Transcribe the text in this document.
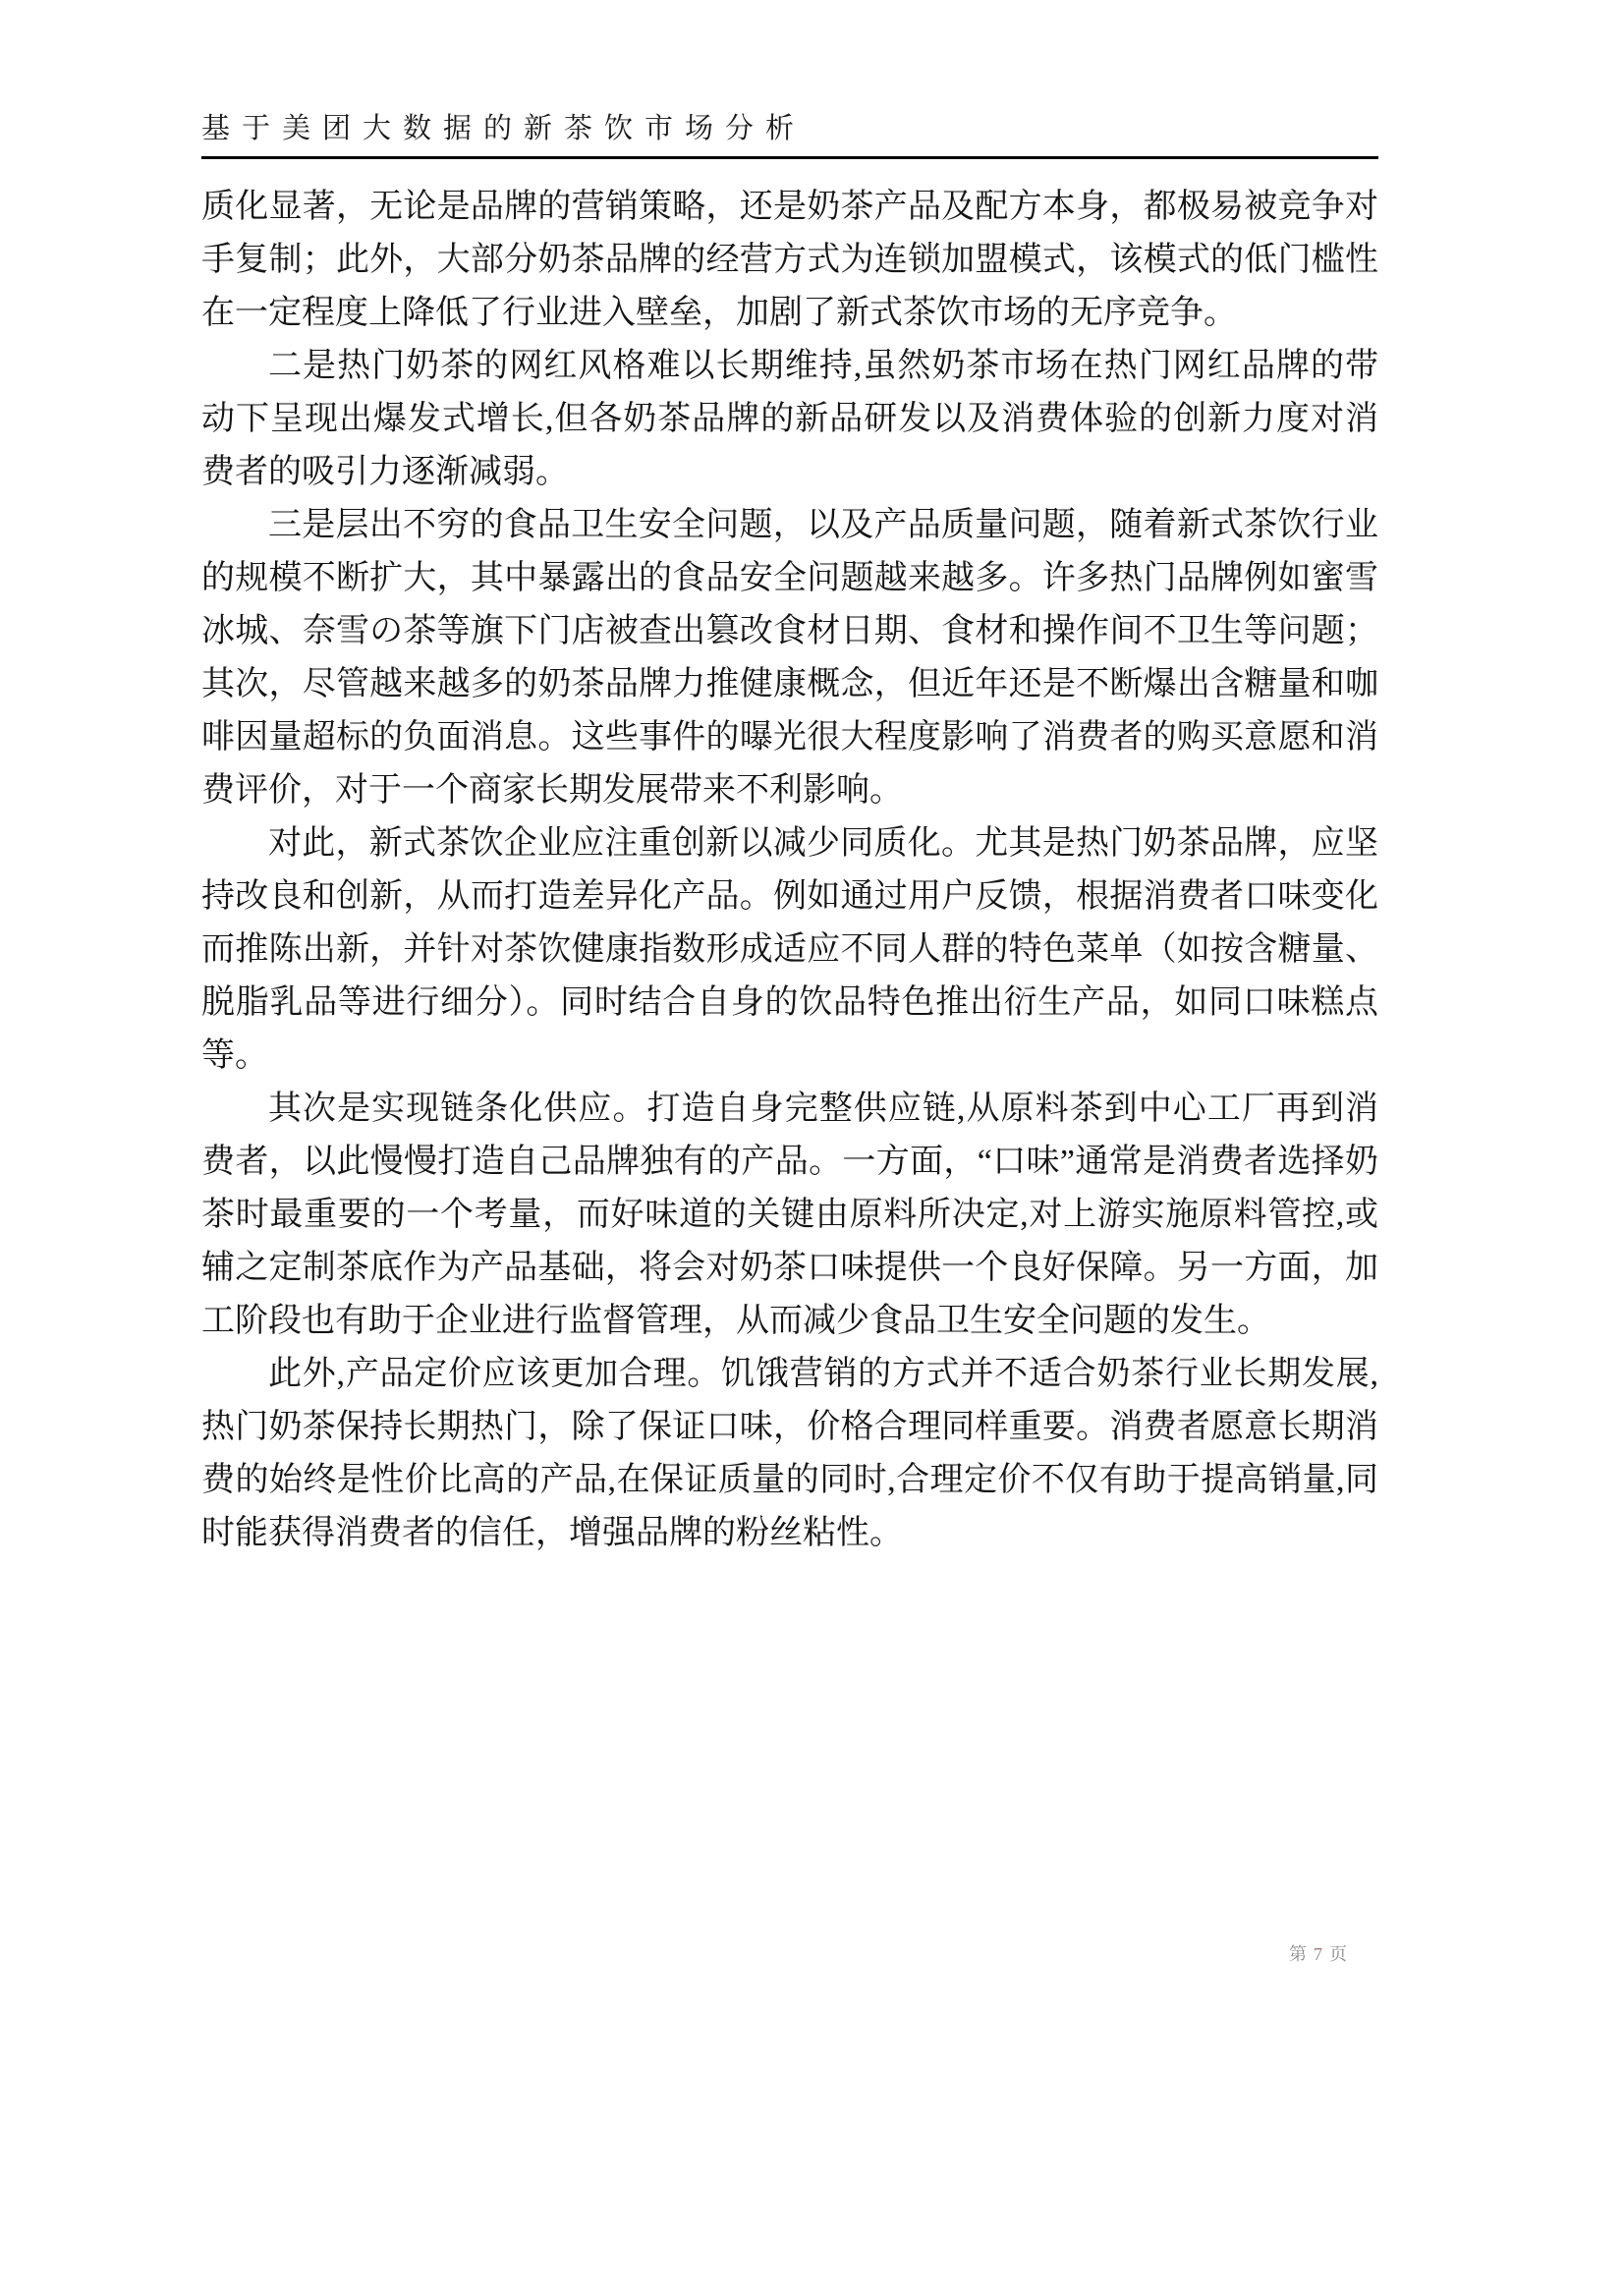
基于美团大数据的新茶饮市场分析

质化显著，无论是品牌的营销策略，还是奶茶产品及配方本身，都极易被竞争对手复制；此外，大部分奶茶品牌的经营方式为连锁加盟模式，该模式的低门槛性在一定程度上降低了行业进入壁垒，加剧了新式茶饮市场的无序竞争。

二是热门奶茶的网红风格难以长期维持,虽然奶茶市场在热门网红品牌的带动下呈现出爆发式增长,但各奶茶品牌的新品研发以及消费体验的创新力度对消费者的吸引力逐渐减弱。

三是层出不穷的食品卫生安全问题，以及产品质量问题，随着新式茶饮行业的规模不断扩大，其中暴露出的食品安全问题越来越多。许多热门品牌例如蜜雪冰城、奈雪の茶等旗下门店被查出篡改食材日期、食材和操作间不卫生等问题；其次，尽管越来越多的奶茶品牌力推健康概念，但近年还是不断爆出含糖量和咖啡因量超标的负面消息。这些事件的曝光很大程度影响了消费者的购买意愿和消费评价，对于一个商家长期发展带来不利影响。

对此，新式茶饮企业应注重创新以减少同质化。尤其是热门奶茶品牌，应坚持改良和创新，从而打造差异化产品。例如通过用户反馈，根据消费者口味变化而推陈出新，并针对茶饮健康指数形成适应不同人群的特色菜单（如按含糖量、脱脂乳品等进行细分）。同时结合自身的饮品特色推出衍生产品，如同口味糕点等。

其次是实现链条化供应。打造自身完整供应链,从原料茶到中心工厂再到消费者，以此慢慢打造自己品牌独有的产品。一方面，“口味”通常是消费者选择奶茶时最重要的一个考量，而好味道的关键由原料所决定,对上游实施原料管控,或辅之定制茶底作为产品基础，将会对奶茶口味提供一个良好保障。另一方面，加工阶段也有助于企业进行监督管理，从而减少食品卫生安全问题的发生。

此外,产品定价应该更加合理。饥饿营销的方式并不适合奶茶行业长期发展,热门奶茶保持长期热门，除了保证口味，价格合理同样重要。消费者愿意长期消费的始终是性价比高的产品,在保证质量的同时,合理定价不仅有助于提高销量,同时能获得消费者的信任，增强品牌的粉丝粘性。

第 7 页
